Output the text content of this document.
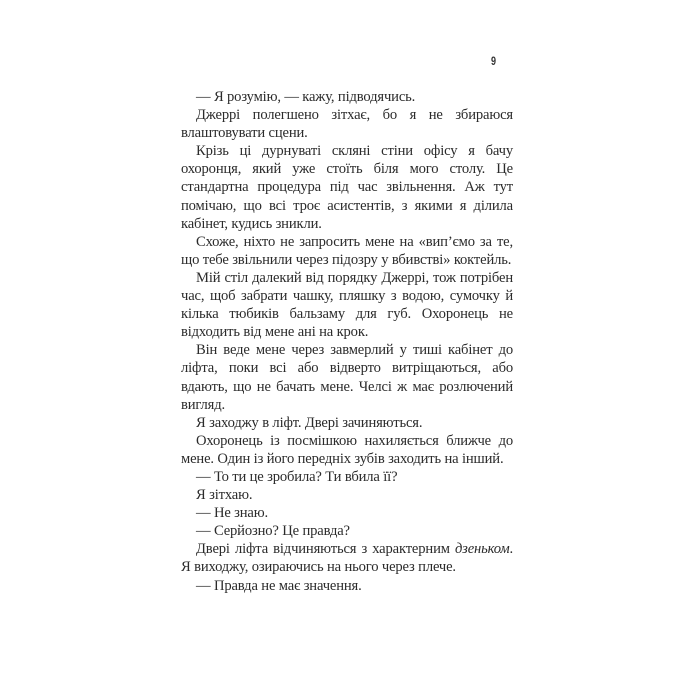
9

— Я розумію, — кажу, підводячись.

Джеррі полегшено зітхає, бо я не збираюся влаштовувати сцени.

Крізь ці дурнуваті скляні стіни офісу я бачу охоронця, який уже стоїть біля мого столу. Це стандартна процедура під час звільнення. Аж тут помічаю, що всі троє асистентів, з якими я ділила кабінет, кудись зникли.

Схоже, ніхто не запросить мене на «вип’ємо за те, що тебе звільнили через підозру у вбивстві» коктейль.

Мій стіл далекий від порядку Джеррі, тож потрібен час, щоб забрати чашку, пляшку з водою, сумочку й кілька тюбиків бальзаму для губ. Охоронець не відходить від мене ані на крок.

Він веде мене через завмерлий у тиші кабінет до ліфта, поки всі або відверто витріщаються, або вдають, що не бачать мене. Челсі ж має розлючений вигляд.

Я заходжу в ліфт. Двері зачиняються.

Охоронець із посмішкою нахиляється ближче до мене. Один із його передніх зубів заходить на інший.

— То ти це зробила? Ти вбила її?

Я зітхаю.

— Не знаю.

— Серйозно? Це правда?

Двері ліфта відчиняються з характерним дзеньком. Я виходжу, озираючись на нього через плече.

— Правда не має значення.
